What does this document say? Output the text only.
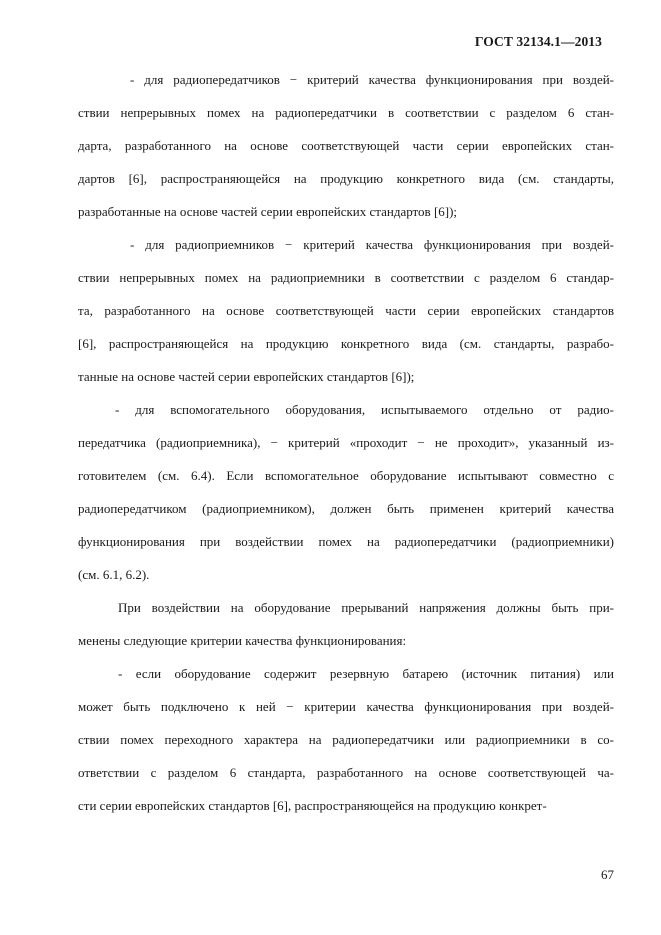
ГОСТ 32134.1—2013

- для радиопередатчиков − критерий качества функционирования при воздей-
ствии непрерывных помех на радиопередатчики в соответствии с разделом 6 стан-
дарта, разработанного на основе соответствующей части серии европейских стан-
дартов [6], распространяющейся на продукцию конкретного вида (см. стандарты,
разработанные на основе частей серии европейских стандартов [6]);

- для радиоприемников − критерий качества функционирования при воздей-
ствии непрерывных помех на радиоприемники в соответствии с разделом 6 стандар-
та, разработанного на основе соответствующей части серии европейских стандартов
[6], распространяющейся на продукцию конкретного вида (см. стандарты, разрабо-
танные на основе частей серии европейских стандартов [6]);

- для вспомогательного оборудования, испытываемого отдельно от радио-
передатчика (радиоприемника), − критерий «проходит − не проходит», указанный из-
готовителем (см. 6.4). Если вспомогательное оборудование испытывают совместно с
радиопередатчиком (радиоприемником), должен быть применен критерий качества
функционирования при воздействии помех на радиопередатчики (радиоприемники)
(см. 6.1, 6.2).

При воздействии на оборудование прерываний напряжения должны быть при-
менены следующие критерии качества функционирования:

- если оборудование содержит резервную батарею (источник питания) или
может быть подключено к ней − критерии качества функционирования при воздей-
ствии помех переходного характера на радиопередатчики или радиоприемники в со-
ответствии с разделом 6 стандарта, разработанного на основе соответствующей ча-
сти серии европейских стандартов [6], распространяющейся на продукцию конкрет-

67
